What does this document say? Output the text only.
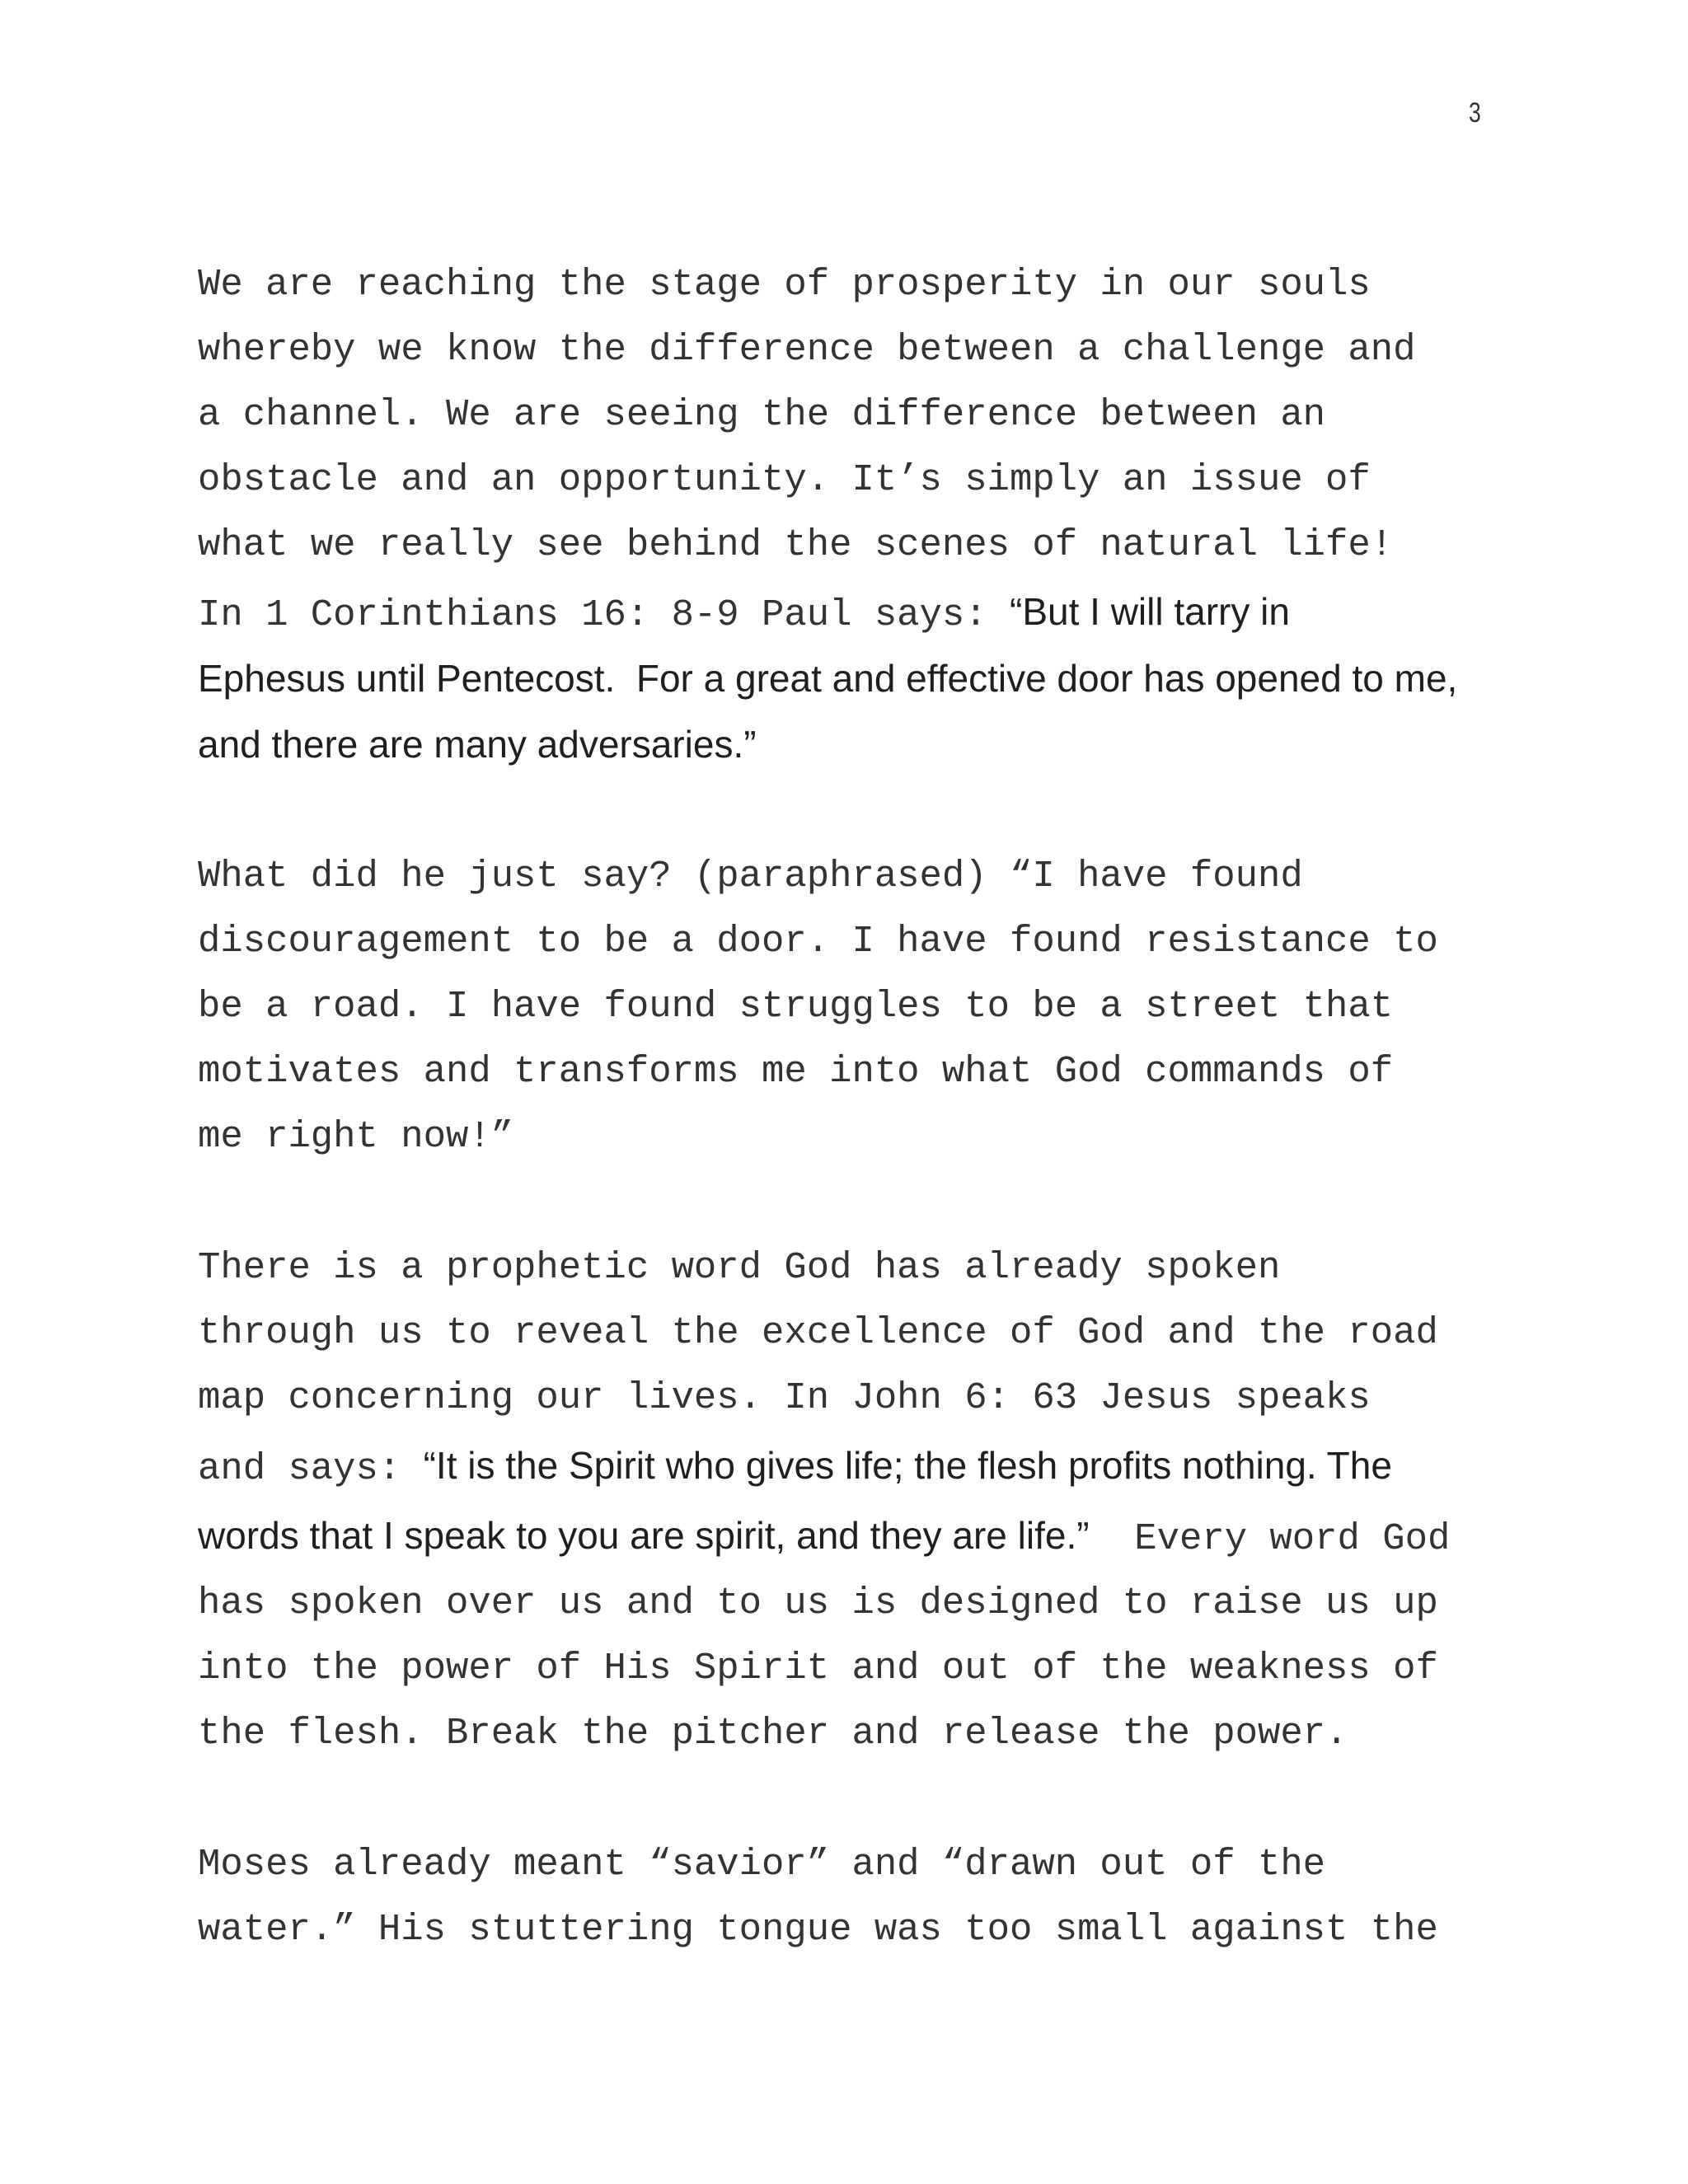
3
We are reaching the stage of prosperity in our souls
whereby we know the difference between a challenge and
a channel. We are seeing the difference between an
obstacle and an opportunity. It’s simply an issue of
what we really see behind the scenes of natural life!
In 1 Corinthians 16: 8-9 Paul says: “But I will tarry in
Ephesus until Pentecost.  For a great and effective door has opened to me,
and there are many adversaries.”
What did he just say? (paraphrased) “I have found
discouragement to be a door. I have found resistance to
be a road. I have found struggles to be a street that
motivates and transforms me into what God commands of
me right now!”
There is a prophetic word God has already spoken
through us to reveal the excellence of God and the road
map concerning our lives. In John 6: 63 Jesus speaks
and says: “It is the Spirit who gives life; the flesh profits nothing. The
words that I speak to you are spirit, and they are life.”  Every word God
has spoken over us and to us is designed to raise us up
into the power of His Spirit and out of the weakness of
the flesh. Break the pitcher and release the power.
Moses already meant “savior” and “drawn out of the
water.” His stuttering tongue was too small against the
